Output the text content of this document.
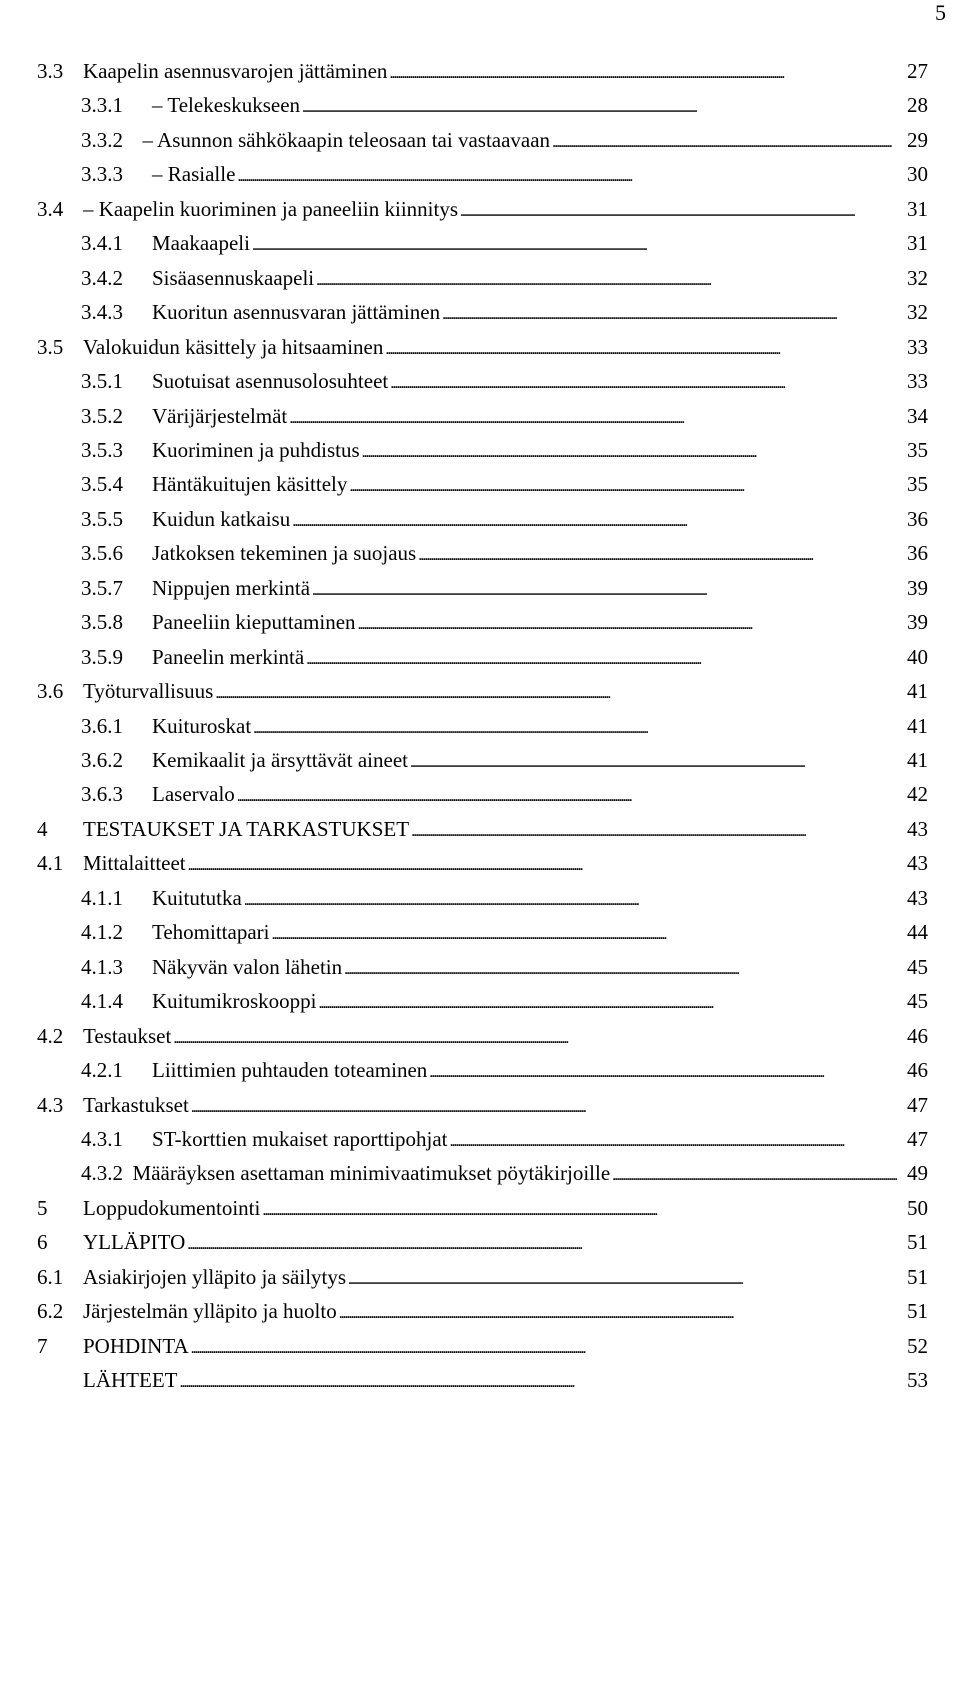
5
3.3 Kaapelin asennusvarojen jättäminen . . .	27
3.3.1	– Telekeskukseen . . .	28
3.3.2 – Asunnon sähkökaapin teleosaan tai vastaavaan . . .	29
3.3.3	– Rasialle . . .	30
3.4 – Kaapelin kuoriminen ja paneeliin kiinnitys . . .	31
3.4.1	Maakaapeli . . .	31
3.4.2	Sisäasennuskaapeli . . .	32
3.4.3	Kuoritun asennusvaran jättäminen . . .	32
3.5 Valokuidun käsittely ja hitsaaminen . . .	33
3.5.1	Suotuisat asennusolosuhteet . . .	33
3.5.2	Värijärjestelmät . . .	34
3.5.3	Kuoriminen ja puhdistus . . .	35
3.5.4	Häntäkuitujen käsittely . . .	35
3.5.5	Kuidun katkaisu . . .	36
3.5.6	Jatkoksen tekeminen ja suojaus . . .	36
3.5.7	Nippujen merkintä . . .	39
3.5.8	Paneeliin kieputtaminen . . .	39
3.5.9	Paneelin merkintä . . .	40
3.6 Työturvallisuus . . .	41
3.6.1	Kuituroskat . . .	41
3.6.2	Kemikaalit ja ärsyttävät aineet . . .	41
3.6.3	Laservalo . . .	42
4	TESTAUKSET JA TARKASTUKSET . . .	43
4.1 Mittalaitteet . . .	43
4.1.1	Kuitututka . . .	43
4.1.2	Tehomittapari . . .	44
4.1.3	Näkyvän valon lähetin . . .	45
4.1.4	Kuitumikroskooppi . . .	45
4.2 Testaukset . . .	46
4.2.1	Liittimien puhtauden toteaminen . . .	46
4.3 Tarkastukset . . .	47
4.3.1	ST-korttien mukaiset raporttipohjat . . .	47
4.3.2 Määräyksen asettaman minimivaatimukset pöytäkirjoille . . .	49
5	Loppudokumentointi . . .	50
6	YLLÄPITO . . .	51
6.1 Asiakirjojen ylläpito ja säilytys . . .	51
6.2 Järjestelmän ylläpito ja huolto . . .	51
7	POHDINTA . . .	52
LÄHTEET . . .	53
